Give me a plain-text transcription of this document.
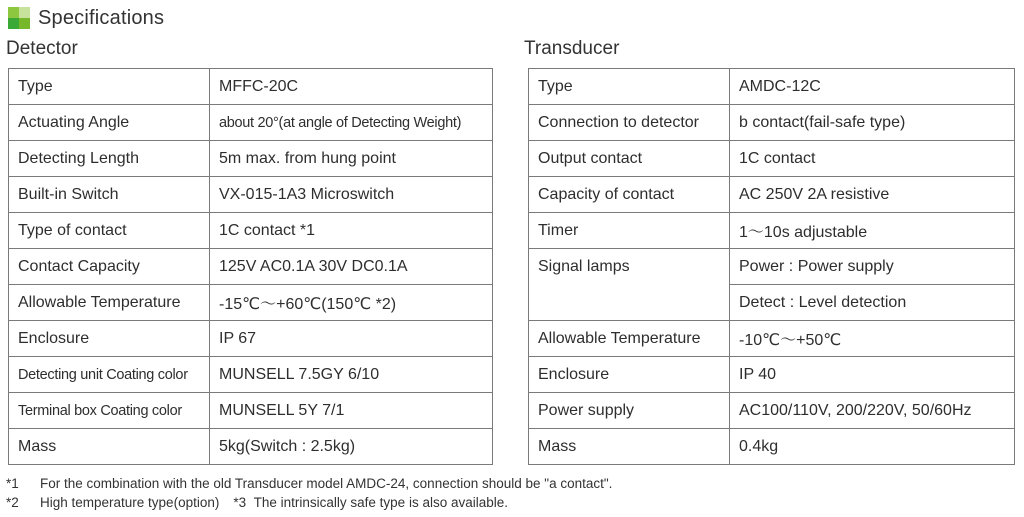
Specifications
Detector	Transducer
Type	MFFC-20C
Actuating Angle	about 20°(at angle of Detecting Weight)
Detecting Length	5m max. from hung point
Built-in Switch	VX-015-1A3 Microswitch
Type of contact	1C contact *1
Contact Capacity	125V AC0.1A 30V DC0.1A
Allowable Temperature	-15℃～+60℃(150℃ *2)
Enclosure	IP 67
Detecting unit Coating color	MUNSELL 7.5GY 6/10
Terminal box Coating color	MUNSELL 5Y 7/1
Mass	5kg(Switch : 2.5kg)
Type	AMDC-12C
Connection to detector	b contact(fail-safe type)
Output contact	1C contact
Capacity of contact	AC 250V 2A resistive
Timer	1～10s adjustable
Signal lamps	Power : Power supply
	Detect : Level detection
Allowable Temperature	-10℃～+50℃
Enclosure	IP 40
Power supply	AC100/110V, 200/220V, 50/60Hz
Mass	0.4kg
*1 For the combination with the old Transducer model AMDC-24, connection should be "a contact".
*2 High temperature type(option) *3 The intrinsically safe type is also available.
